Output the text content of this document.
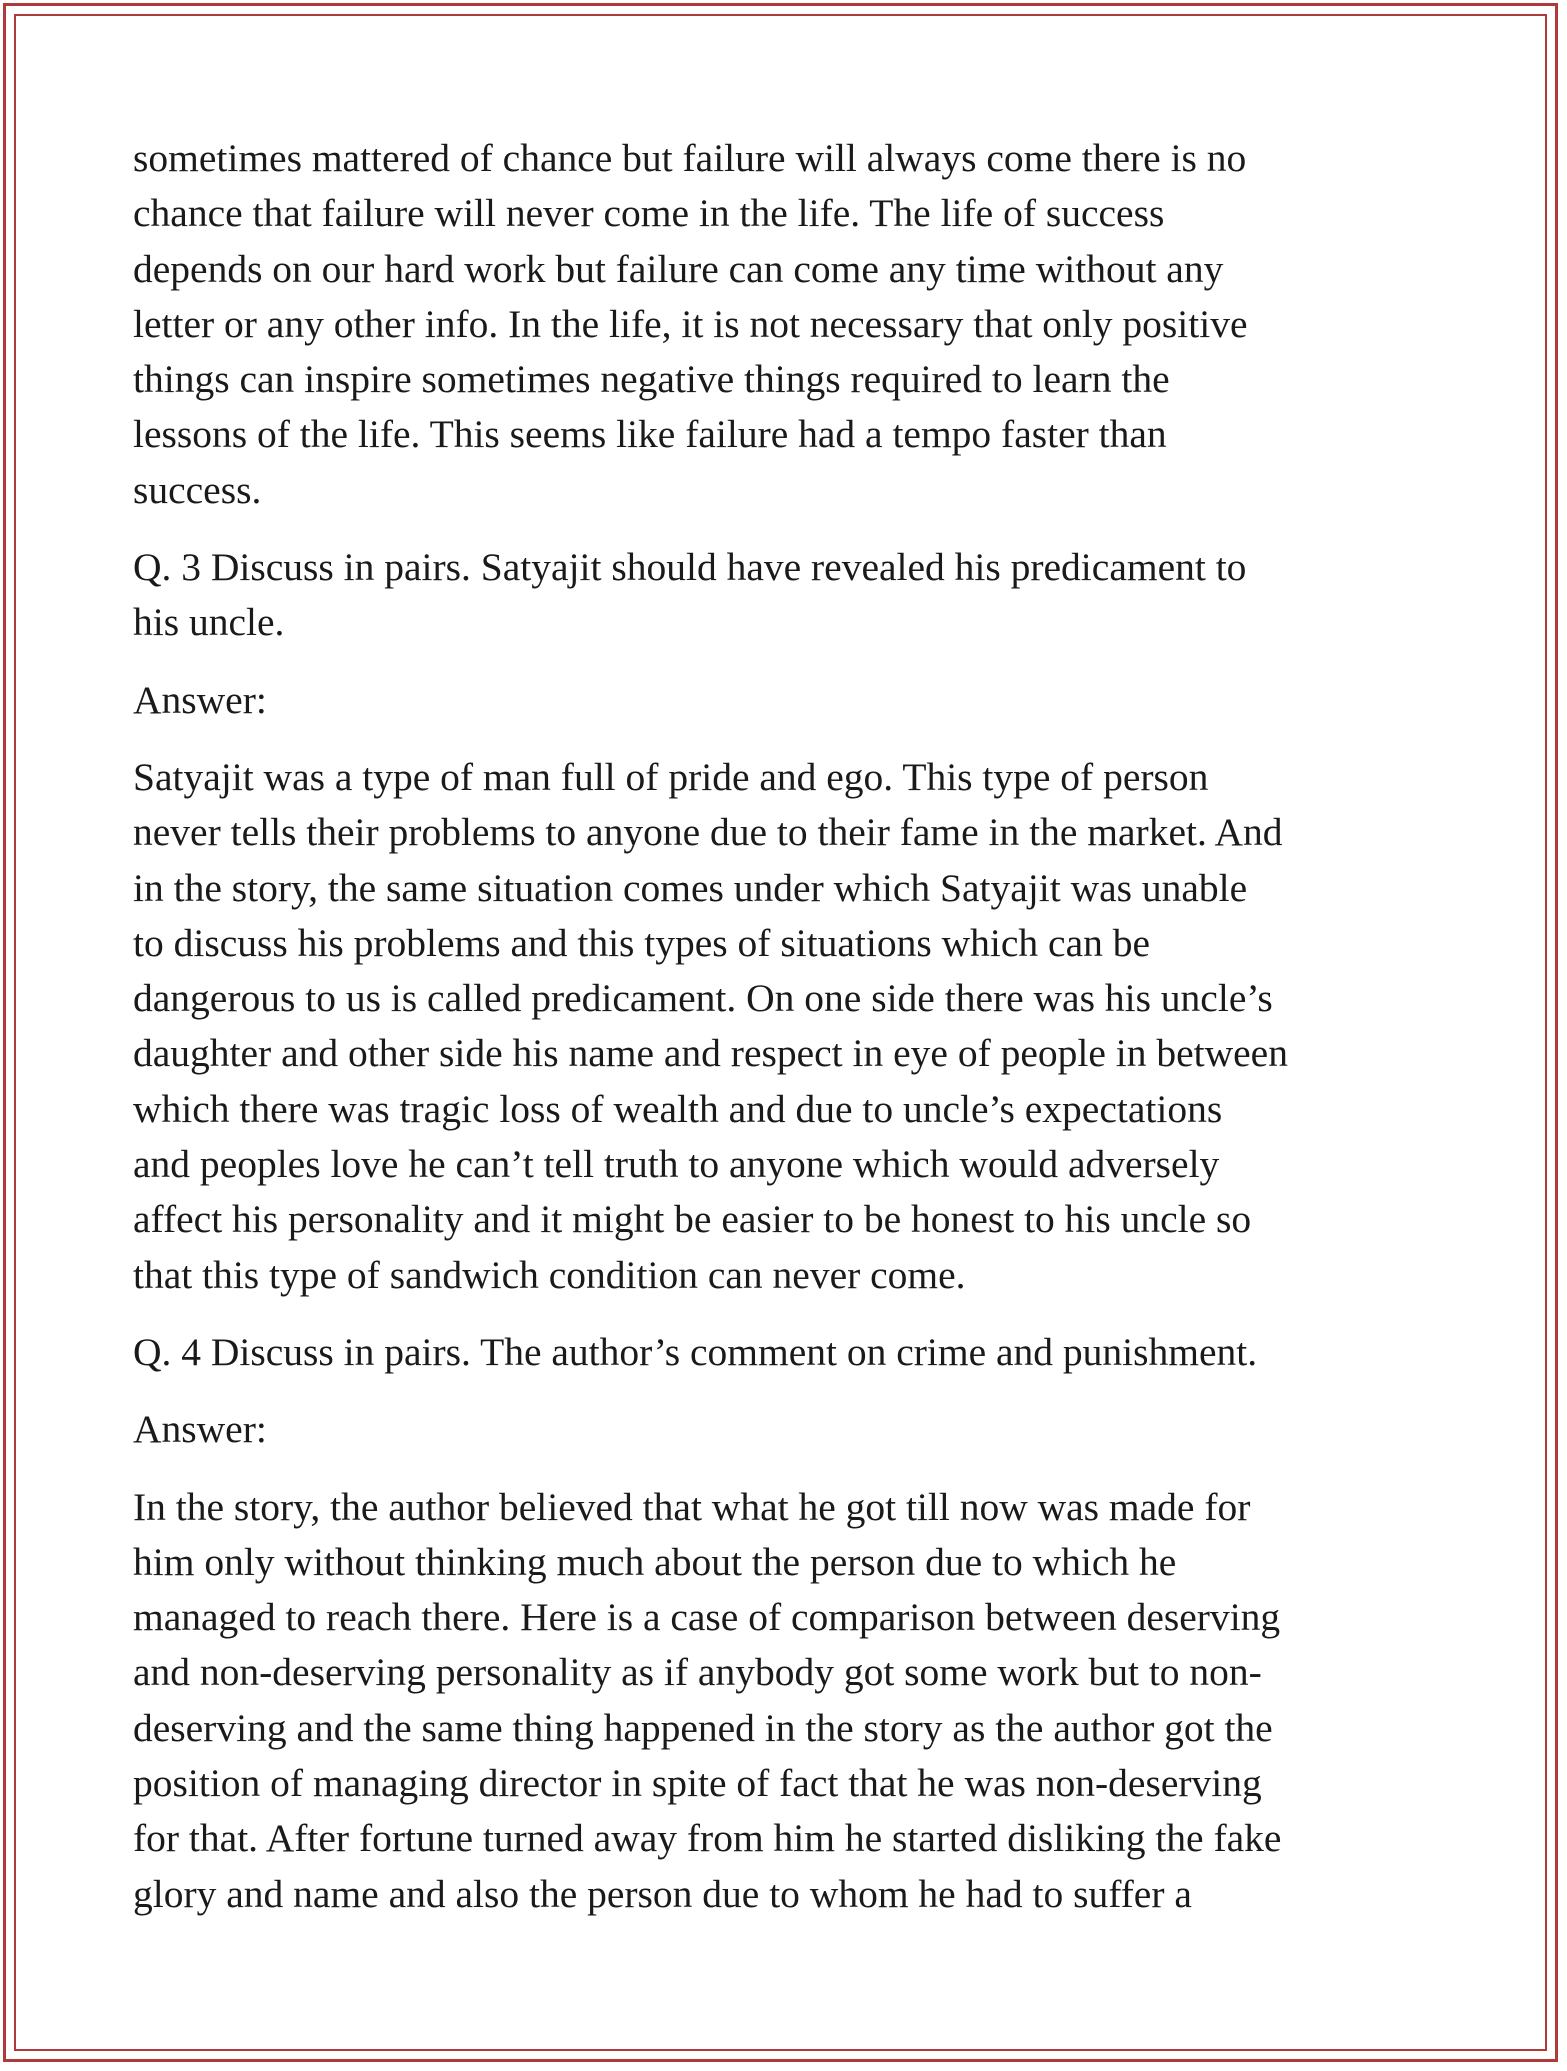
sometimes mattered of chance but failure will always come there is no
chance that failure will never come in the life. The life of success
depends on our hard work but failure can come any time without any
letter or any other info. In the life, it is not necessary that only positive
things can inspire sometimes negative things required to learn the
lessons of the life. This seems like failure had a tempo faster than
success.
Q. 3 Discuss in pairs. Satyajit should have revealed his predicament to
his uncle.
Answer:
Satyajit was a type of man full of pride and ego. This type of person
never tells their problems to anyone due to their fame in the market. And
in the story, the same situation comes under which Satyajit was unable
to discuss his problems and this types of situations which can be
dangerous to us is called predicament. On one side there was his uncle’s
daughter and other side his name and respect in eye of people in between
which there was tragic loss of wealth and due to uncle’s expectations
and peoples love he can’t tell truth to anyone which would adversely
affect his personality and it might be easier to be honest to his uncle so
that this type of sandwich condition can never come.
Q. 4 Discuss in pairs. The author’s comment on crime and punishment.
Answer:
In the story, the author believed that what he got till now was made for
him only without thinking much about the person due to which he
managed to reach there. Here is a case of comparison between deserving
and non-deserving personality as if anybody got some work but to non-
deserving and the same thing happened in the story as the author got the
position of managing director in spite of fact that he was non-deserving
for that. After fortune turned away from him he started disliking the fake
glory and name and also the person due to whom he had to suffer a
